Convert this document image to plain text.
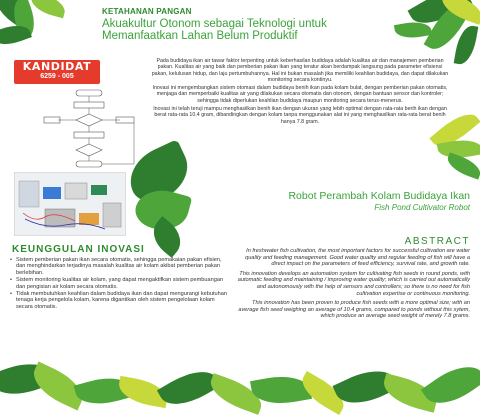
KETAHANAN PANGAN
Akuakultur Otonom sebagai Teknologi untuk Memanfaatkan Lahan Belum Produktif
KANDIDAT
6259 - 005

Pada budidaya ikan air tawar faktor terpenting untuk keberhasilan budidaya adalah kualitas air dan manajemen pemberian pakan. Kualitas air yang baik dan pemberian pakan ikan yang teratur akan berdampak langsung pada parameter efisiensi pakan, kelulusan hidup, dan laju pertumbuhannya. Hal ini bukan masalah jika memiliki keahlian budidaya, dan dapat dilakukan monitoring secara kontinyu.

Inovasi ini mengembangkan sistem otomasi dalam budidaya benih ikan pada kolam bulat, dengan pemberian pakan otomatis, menjaga dan memperbaiki kualitas air yang dilakukan secara otomatis dan otonom, dengan bantuan sensor dan kontroler; sehingga tidak diperlukan keahlian budidaya maupun monitoring secara terus-menerus.

Inovasi ini telah teruji mampu menghasilkan benih ikan dengan ukuran yang lebih optimal dengan rata-rata berih ikan dengan berat rata-rata 10.4 gram, dibandingkan dengan kolam tanpa menggunakan alat ini yang menghasilkan rata-rata berat benih hanya 7.8 gram.

Robot Perambah Kolam Budidaya Ikan
Fish Pond Cultivator Robot
KEUNGGULAN INOVASI
• Sistem pemberian pakan ikan secara otomatis, sehingga pemakaian pakan efisien, dan menghindarkan terjadinya masalah kualitas air kolam akibat pemberian pakan berlebihan.
• Sistem monitoring kualitas air kolam, yang dapat mengaktifkan sistem pembuangan dan pengisian air kolam secara otomatis.
• Tidak membutuhkan keahlian dalam budidaya ikan dan dapat mengurangi kebutuhan tenaga kerja pengelola kolam, karena digantikan oleh sistem pengelolaan kolam secara otomatis.
ABSTRACT

In freshwater fish cultivation, the most important factors for successful cultivation are water quality and feeding management. Good water quality and regular feeding of fish will have a direct impact on the parameters of feed efficiency, survival rate, and growth rate.

This innovation develops an automation system for cultivating fish seeds in round ponds, with automatic feeding and maintaining / improving water quality; which is carried out automatically and autonomously with the help of sensors and controllers; so there is no need for fish cultivation expertise or continuous monitoring.

This innovation has been proven to produce fish seeds with a more optimal size; with an average fish seed weighing an average of 10.4 grams, compared to ponds without this sytem, which produce an average seed weight of merely 7.8 grams.
